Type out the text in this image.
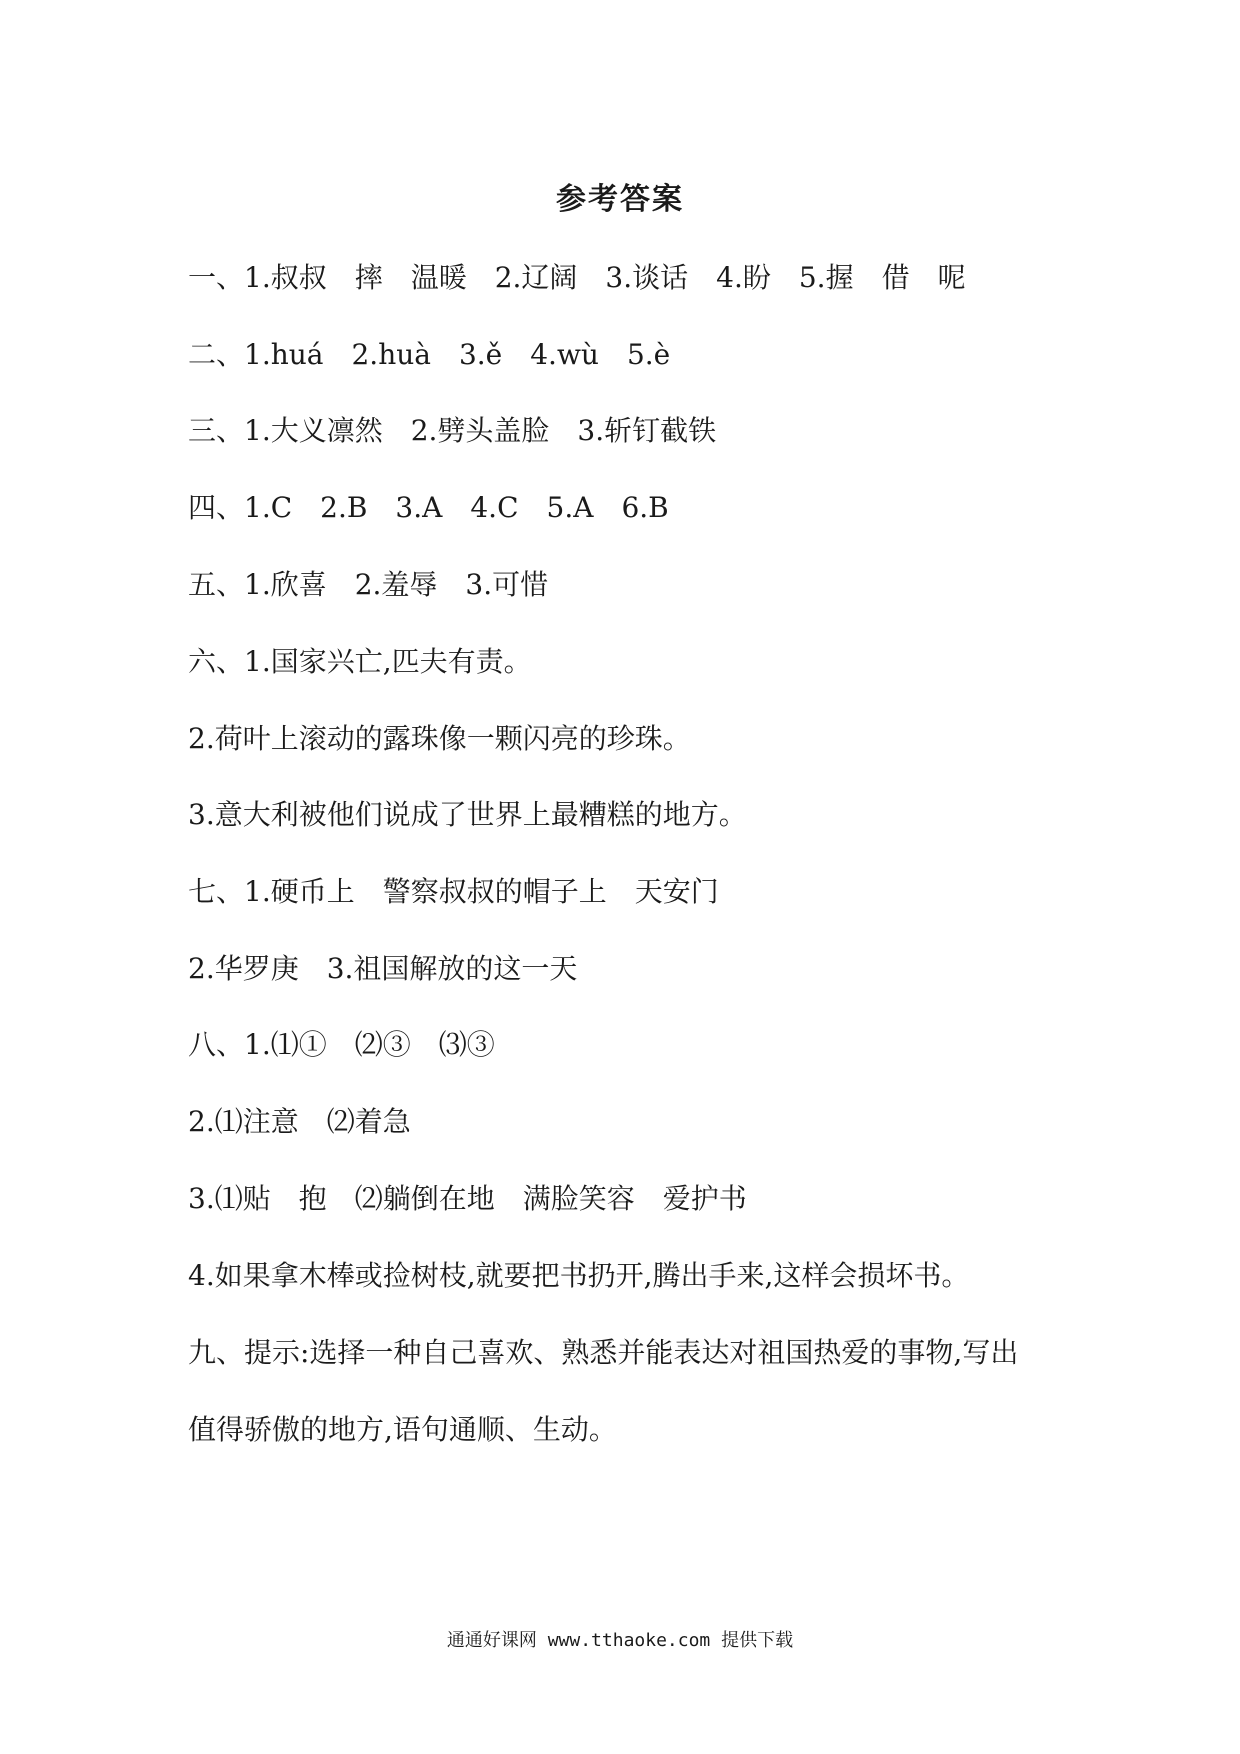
参考答案
一、1.叔叔　摔　温暖　2.辽阔　3.谈话　4.盼　5.握　借　呢
二、1.huá　2.huà　3.ě　4.wù　5.è
三、1.大义凛然　2.劈头盖脸　3.斩钉截铁
四、1.C　2.B　3.A　4.C　5.A　6.B
五、1.欣喜　2.羞辱　3.可惜
六、1.国家兴亡,匹夫有责。
2.荷叶上滚动的露珠像一颗闪亮的珍珠。
3.意大利被他们说成了世界上最糟糕的地方。
七、1.硬币上　警察叔叔的帽子上　天安门
2.华罗庚　3.祖国解放的这一天
八、1.⑴①　⑵③　⑶③
2.⑴注意　⑵着急
3.⑴贴　抱　⑵躺倒在地　满脸笑容　爱护书
4.如果拿木棒或捡树枝,就要把书扔开,腾出手来,这样会损坏书。
九、提示:选择一种自己喜欢、熟悉并能表达对祖国热爱的事物,写出
值得骄傲的地方,语句通顺、生动。
通通好课网 www.tthaoke.com 提供下载
